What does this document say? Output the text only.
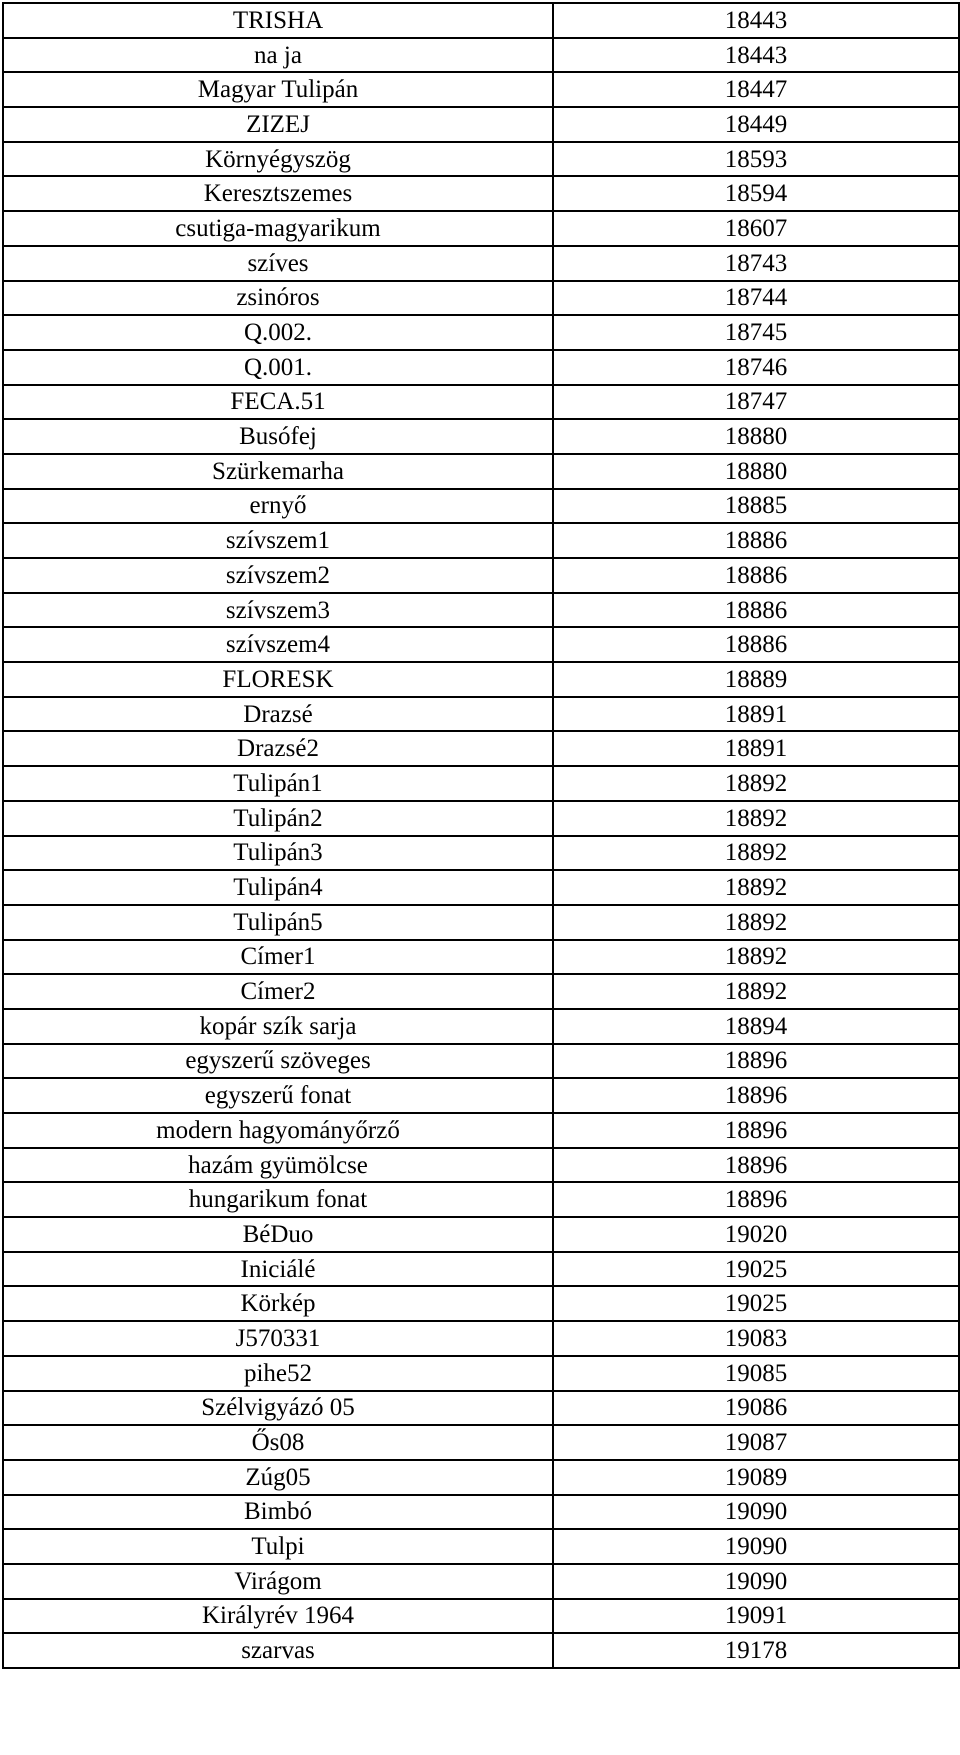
TRISHA	18443
na ja	18443
Magyar Tulipán	18447
ZIZEJ	18449
Környégyszög	18593
Keresztszemes	18594
csutiga-magyarikum	18607
szíves	18743
zsinóros	18744
Q.002.	18745
Q.001.	18746
FECA.51	18747
Busófej	18880
Szürkemarha	18880
ernyő	18885
szívszem1	18886
szívszem2	18886
szívszem3	18886
szívszem4	18886
FLORESK	18889
Drazsé	18891
Drazsé2	18891
Tulipán1	18892
Tulipán2	18892
Tulipán3	18892
Tulipán4	18892
Tulipán5	18892
Címer1	18892
Címer2	18892
kopár szík sarja	18894
egyszerű szöveges	18896
egyszerű fonat	18896
modern hagyományőrző	18896
hazám gyümölcse	18896
hungarikum fonat	18896
BéDuo	19020
Iniciálé	19025
Körkép	19025
J570331	19083
pihe52	19085
Szélvigyázó 05	19086
Ős08	19087
Zúg05	19089
Bimbó	19090
Tulpi	19090
Virágom	19090
Királyrév 1964	19091
szarvas	19178
